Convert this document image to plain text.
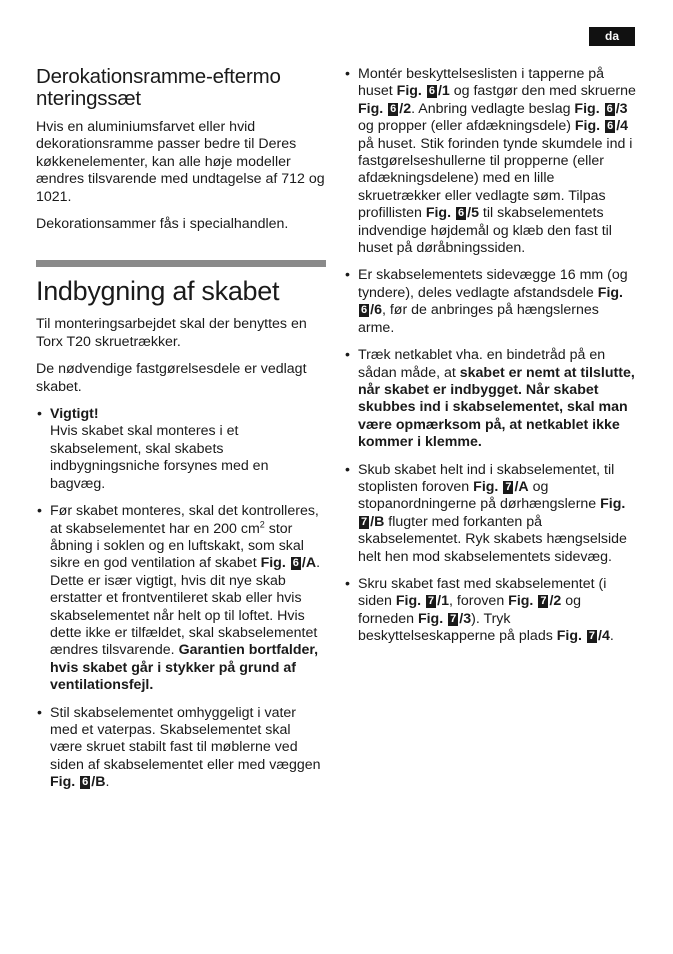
da
Derokationsramme-eftermo nteringssæt

Hvis en aluminiumsfarvet eller hvid dekorationsramme passer bedre til Deres køkkenelementer, kan alle høje modeller ændres tilsvarende med undtagelse af 712 og 1021.

Dekorationsammer fås i specialhandlen.

Indbygning af skabet

Til monteringsarbejdet skal der benyttes en Torx T20 skruetrækker.

De nødvendige fastgørelsesdele er vedlagt skabet.

• Vigtigt!
Hvis skabet skal monteres i et skabselement, skal skabets indbygningsniche forsynes med en bagvæg.
• Før skabet monteres, skal det kontrolleres, at skabselementet har en 200 $cm^2$ stor åbning i soklen og en luftskakt, som skal sikre en god ventilation af skabet Fig. 6 /A. Dette er især vigtigt, hvis dit nye skab erstatter et frontventileret skab eller hvis skabselementet når helt op til loftet. Hvis dette ikke er tilfældet, skal skabselementet ændres tilsvarende. Garantien bortfalder, hvis skabet går i stykker på grund af ventilationsfejl.
• Stil skabselementet omhyggeligt i vater med et vaterpas. Skabselementet skal være skruet stabilt fast til møblerne ved siden af skabselementet eller med væggen Fig. 6 /B.
• Montér beskyttelseslisten i tapperne på huset Fig. 6 /1 og fastgør den med skruerne Fig. 6 /2. Anbring vedlagte beslag Fig. 6 /3 og propper (eller afdækningsdele) Fig. 6 /4 på huset. Stik forinden tynde skumdele ind i fastgørelseshullerne til propperne (eller afdækningsdelene) med en lille skruetrækker eller vedlagte søm. Tilpas profillisten Fig. 6 /5 til skabselementets indvendige højdemål og klæb den fast til huset på døråbningssiden.
• Er skabselementets sidevægge 16 mm (og tyndere), deles vedlagte afstandsdele Fig. 6 /6, før de anbringes på hængslernes arme.
• Træk netkablet vha. en bindetråd på en sådan måde, at skabet er nemt at tilslutte, når skabet er indbygget. Når skabet skubbes ind i skabselementet, skal man være opmærksom på, at netkablet ikke kommer i klemme.
• Skub skabet helt ind i skabselementet, til stoplisten foroven Fig. 7 /A og stopanordningerne på dørhængslerne Fig. 7 /B flugter med forkanten på skabselementet. Ryk skabets hængselside helt hen mod skabselementets sidevæg.
• Skru skabet fast med skabselementet (i siden Fig. 7 /1, foroven Fig. 7 /2 og forneden Fig. 7 /3). Tryk beskyttelseskapperne på plads Fig. 7 /4.
